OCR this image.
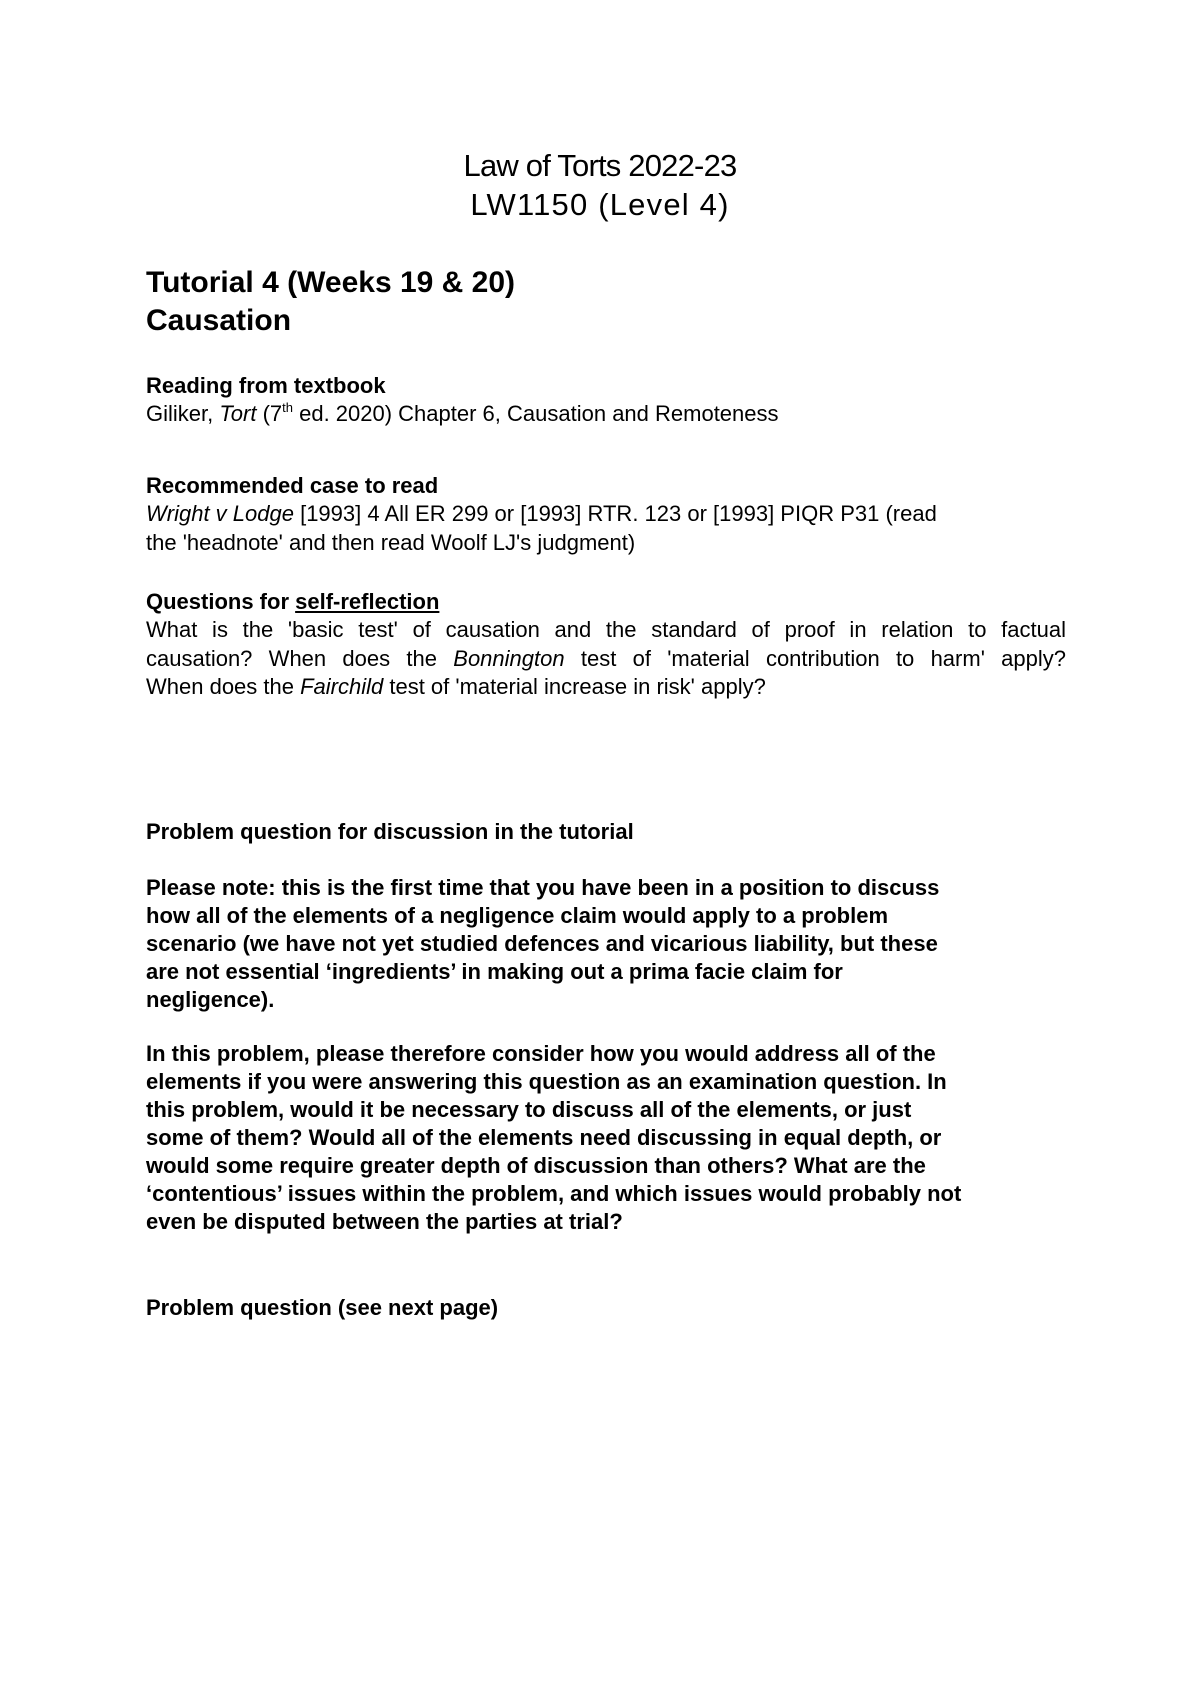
Law of Torts 2022-23
LW1150 (Level 4)
Tutorial 4 (Weeks 19 & 20)
Causation
Reading from textbook
Giliker, Tort (7th ed. 2020) Chapter 6, Causation and Remoteness
Recommended case to read
Wright v Lodge [1993] 4 All ER 299 or [1993] RTR. 123 or [1993] PIQR P31 (read
the 'headnote' and then read Woolf LJ's judgment)
Questions for self-reflection
What is the 'basic test' of causation and the standard of proof in relation to factual
causation? When does the Bonnington test of 'material contribution to harm' apply?
When does the Fairchild test of 'material increase in risk' apply?
Problem question for discussion in the tutorial
Please note: this is the first time that you have been in a position to discuss
how all of the elements of a negligence claim would apply to a problem
scenario (we have not yet studied defences and vicarious liability, but these
are not essential ‘ingredients’ in making out a prima facie claim for
negligence).
In this problem, please therefore consider how you would address all of the
elements if you were answering this question as an examination question. In
this problem, would it be necessary to discuss all of the elements, or just
some of them? Would all of the elements need discussing in equal depth, or
would some require greater depth of discussion than others? What are the
‘contentious’ issues within the problem, and which issues would probably not
even be disputed between the parties at trial?
Problem question (see next page)
